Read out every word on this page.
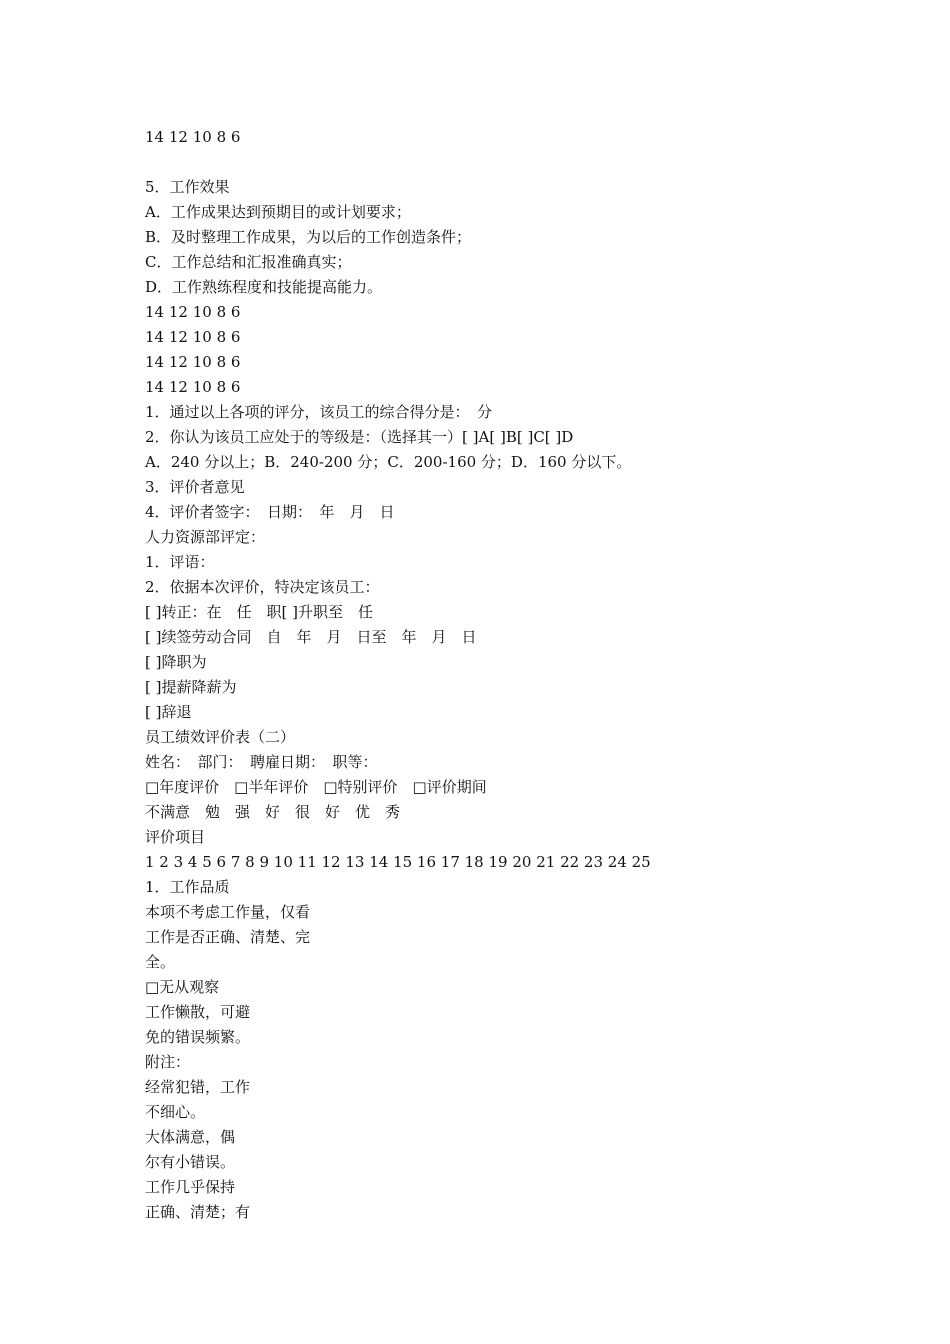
14 12 10 8 6
5．工作效果
A．工作成果达到预期目的或计划要求；
B．及时整理工作成果，为以后的工作创造条件；
C．工作总结和汇报准确真实；
D．工作熟练程度和技能提高能力。
14 12 10 8 6
14 12 10 8 6
14 12 10 8 6
14 12 10 8 6
1．通过以上各项的评分，该员工的综合得分是：　分
2．你认为该员工应处于的等级是：（选择其一）[ ]A[ ]B[ ]C[ ]D
A．240 分以上；B．240-200 分；C．200-160 分；D．160 分以下。
3．评价者意见
4．评价者签字：　日期：　年　月　日
人力资源部评定：
1．评语：
2．依据本次评价，特决定该员工：
[ ]转正：在　任　职[ ]升职至　任
[ ]续签劳动合同　自　年　月　日至　年　月　日
[ ]降职为
[ ]提薪降薪为
[ ]辞退
员工绩效评价表（二）
姓名：　部门：　聘雇日期：　职等：
□年度评价　□半年评价　□特别评价　□评价期间
不满意　勉　强　好　很　好　优　秀
评价项目
1 2 3 4 5 6 7 8 9 10 11 12 13 14 15 16 17 18 19 20 21 22 23 24 25
1．工作品质
本项不考虑工作量，仅看
工作是否正确、清楚、完
全。
□无从观察
工作懒散，可避
免的错误频繁。
附注：
经常犯错，工作
不细心。
大体满意，偶
尔有小错误。
工作几乎保持
正确、清楚；有
